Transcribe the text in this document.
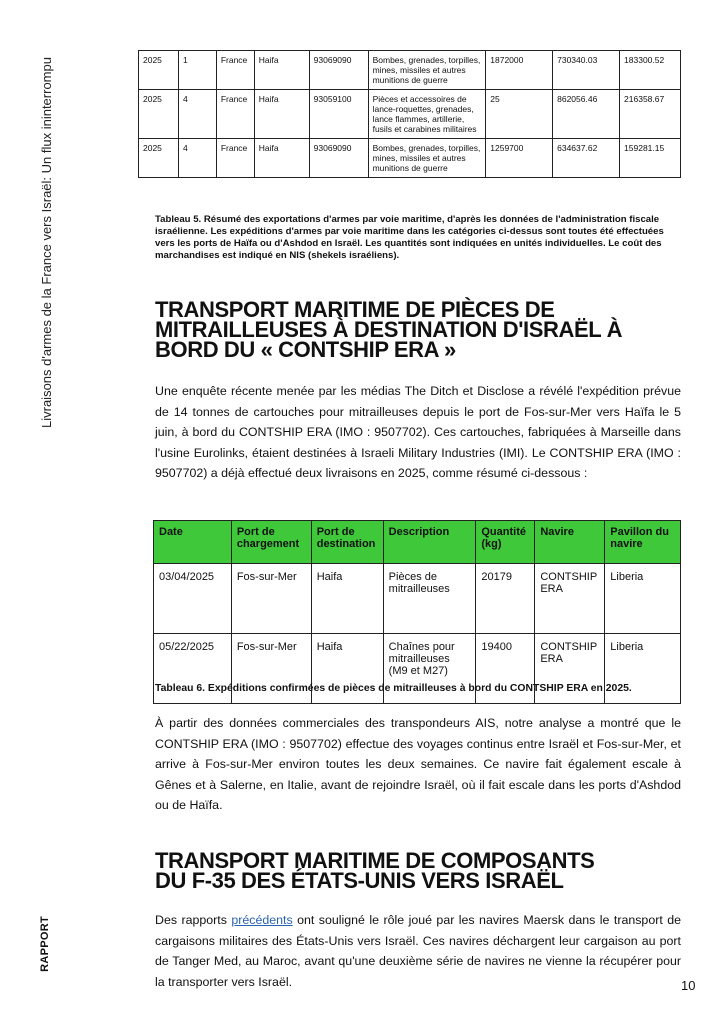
Livraisons d'armes de la France vers Israël: Un flux ininterrompu
RAPPORT
2025	1	France	Haifa	93069090	Bombes, grenades, torpilles, mines, missiles et autres munitions de guerre	1872000	730340.03	183300.52
2025	4	France	Haifa	93059100	Pièces et accessoires de lance-roquettes, grenades, lance flammes, artillerie, fusils et carabines militaires	25	862056.46	216358.67
2025	4	France	Haifa	93069090	Bombes, grenades, torpilles, mines, missiles et autres munitions de guerre	1259700	634637.62	159281.15
Tableau 5. Résumé des exportations d'armes par voie maritime, d'après les données de l'administration fiscale israélienne. Les expéditions d'armes par voie maritime dans les catégories ci-dessus sont toutes été effectuées vers les ports de Haïfa ou d'Ashdod en Israël. Les quantités sont indiquées en unités individuelles. Le coût des marchandises est indiqué en NIS (shekels israéliens).
TRANSPORT MARITIME DE PIÈCES DE MITRAILLEUSES À DESTINATION D'ISRAËL À BORD DU « CONTSHIP ERA »

Une enquête récente menée par les médias The Ditch et Disclose a révélé l'expédition prévue de 14 tonnes de cartouches pour mitrailleuses depuis le port de Fos-sur-Mer vers Haïfa le 5 juin, à bord du CONTSHIP ERA (IMO : 9507702). Ces cartouches, fabriquées à Marseille dans l'usine Eurolinks, étaient destinées à Israeli Military Industries (IMI). Le CONTSHIP ERA (IMO : 9507702) a déjà effectué deux livraisons en 2025, comme résumé ci-dessous :

Date	Port de chargement	Port de destination	Description	Quantité (kg)	Navire	Pavillon du navire
03/04/2025	Fos-sur-Mer	Haifa	Pièces de mitrailleuses	20179	CONTSHIP ERA	Liberia
05/22/2025	Fos-sur-Mer	Haifa	Chaînes pour mitrailleuses (M9 et M27)	19400	CONTSHIP ERA	Liberia
Tableau 6. Expéditions confirmées de pièces de mitrailleuses à bord du CONTSHIP ERA en 2025.

À partir des données commerciales des transpondeurs AIS, notre analyse a montré que le CONTSHIP ERA (IMO : 9507702) effectue des voyages continus entre Israël et Fos-sur-Mer, et arrive à Fos-sur-Mer environ toutes les deux semaines. Ce navire fait également escale à Gênes et à Salerne, en Italie, avant de rejoindre Israël, où il fait escale dans les ports d'Ashdod ou de Haïfa.

TRANSPORT MARITIME DE COMPOSANTS DU F-35 DES ÉTATS-UNIS VERS ISRAËL

Des rapports précédents ont souligné le rôle joué par les navires Maersk dans le transport de cargaisons militaires des États-Unis vers Israël. Ces navires déchargent leur cargaison au port de Tanger Med, au Maroc, avant qu'une deuxième série de navires ne vienne la récupérer pour la transporter vers Israël.	10
